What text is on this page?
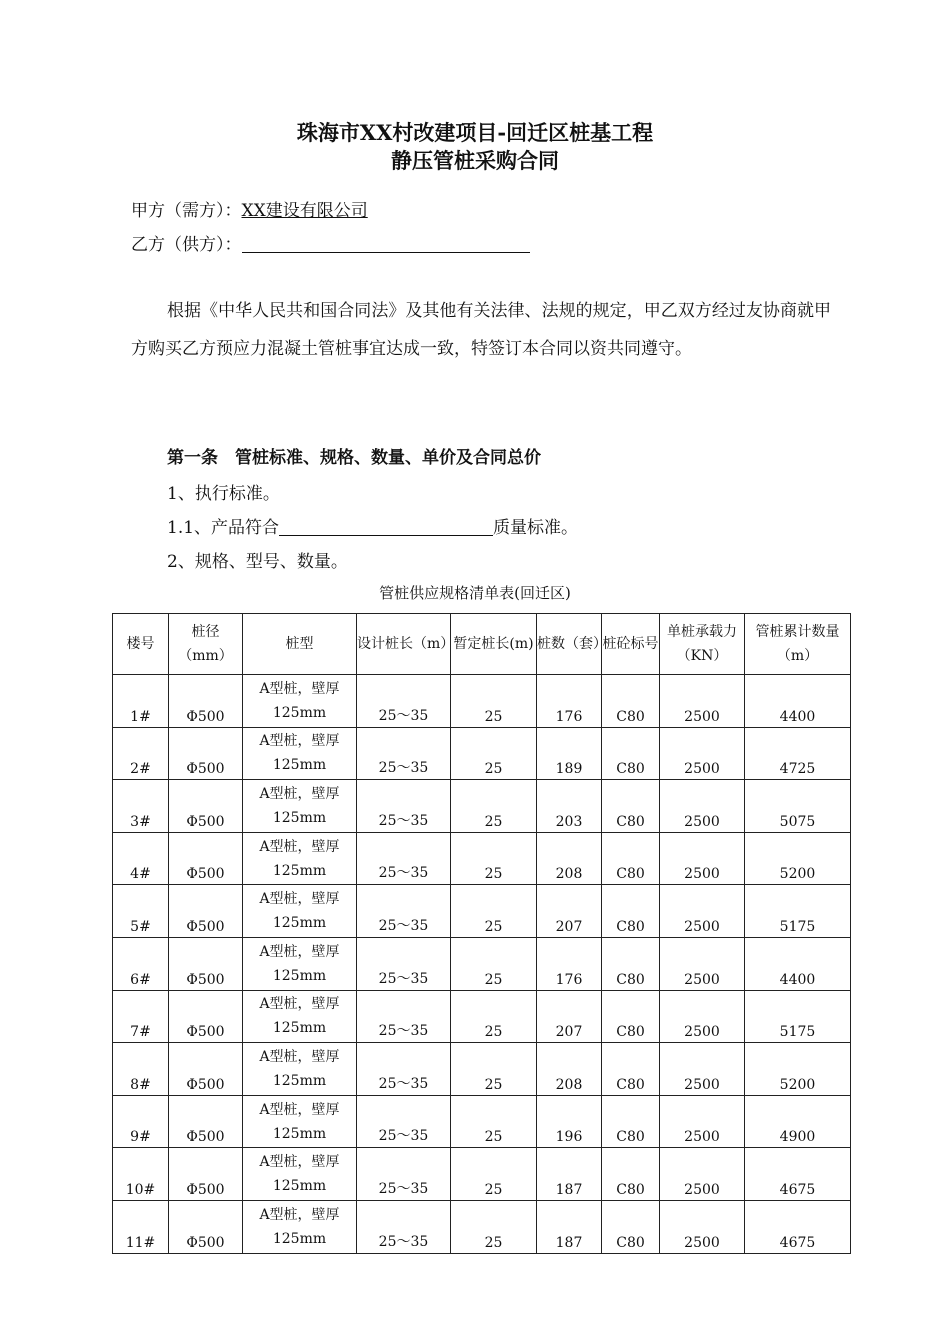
珠海市XX村改建项目-回迁区桩基工程
静压管桩采购合同
甲方（需方）：XX建设有限公司
乙方（供方）：
根据《中华人民共和国合同法》及其他有关法律、法规的规定，甲乙双方经过友协商就甲方购买乙方预应力混凝土管桩事宜达成一致，特签订本合同以资共同遵守。
第一条　管桩标准、规格、数量、单价及合同总价
1、执行标准。
1.1、产品符合	质量标准。
2、规格、型号、数量。
管桩供应规格清单表(回迁区)
楼号	桩径（mm）	桩型	设计桩长（m）	暂定桩长(m)	桩数（套）	桩砼标号	单桩承载力（KN）	管桩累计数量（m）
1#	Φ500	A型桩，壁厚125mm	25～35	25	176	C80	2500	4400
2#	Φ500	A型桩，壁厚125mm	25～35	25	189	C80	2500	4725
3#	Φ500	A型桩，壁厚125mm	25～35	25	203	C80	2500	5075
4#	Φ500	A型桩，壁厚125mm	25～35	25	208	C80	2500	5200
5#	Φ500	A型桩，壁厚125mm	25～35	25	207	C80	2500	5175
6#	Φ500	A型桩，壁厚125mm	25～35	25	176	C80	2500	4400
7#	Φ500	A型桩，壁厚125mm	25～35	25	207	C80	2500	5175
8#	Φ500	A型桩，壁厚125mm	25～35	25	208	C80	2500	5200
9#	Φ500	A型桩，壁厚125mm	25～35	25	196	C80	2500	4900
10#	Φ500	A型桩，壁厚125mm	25～35	25	187	C80	2500	4675
11#	Φ500	A型桩，壁厚125mm	25～35	25	187	C80	2500	4675
